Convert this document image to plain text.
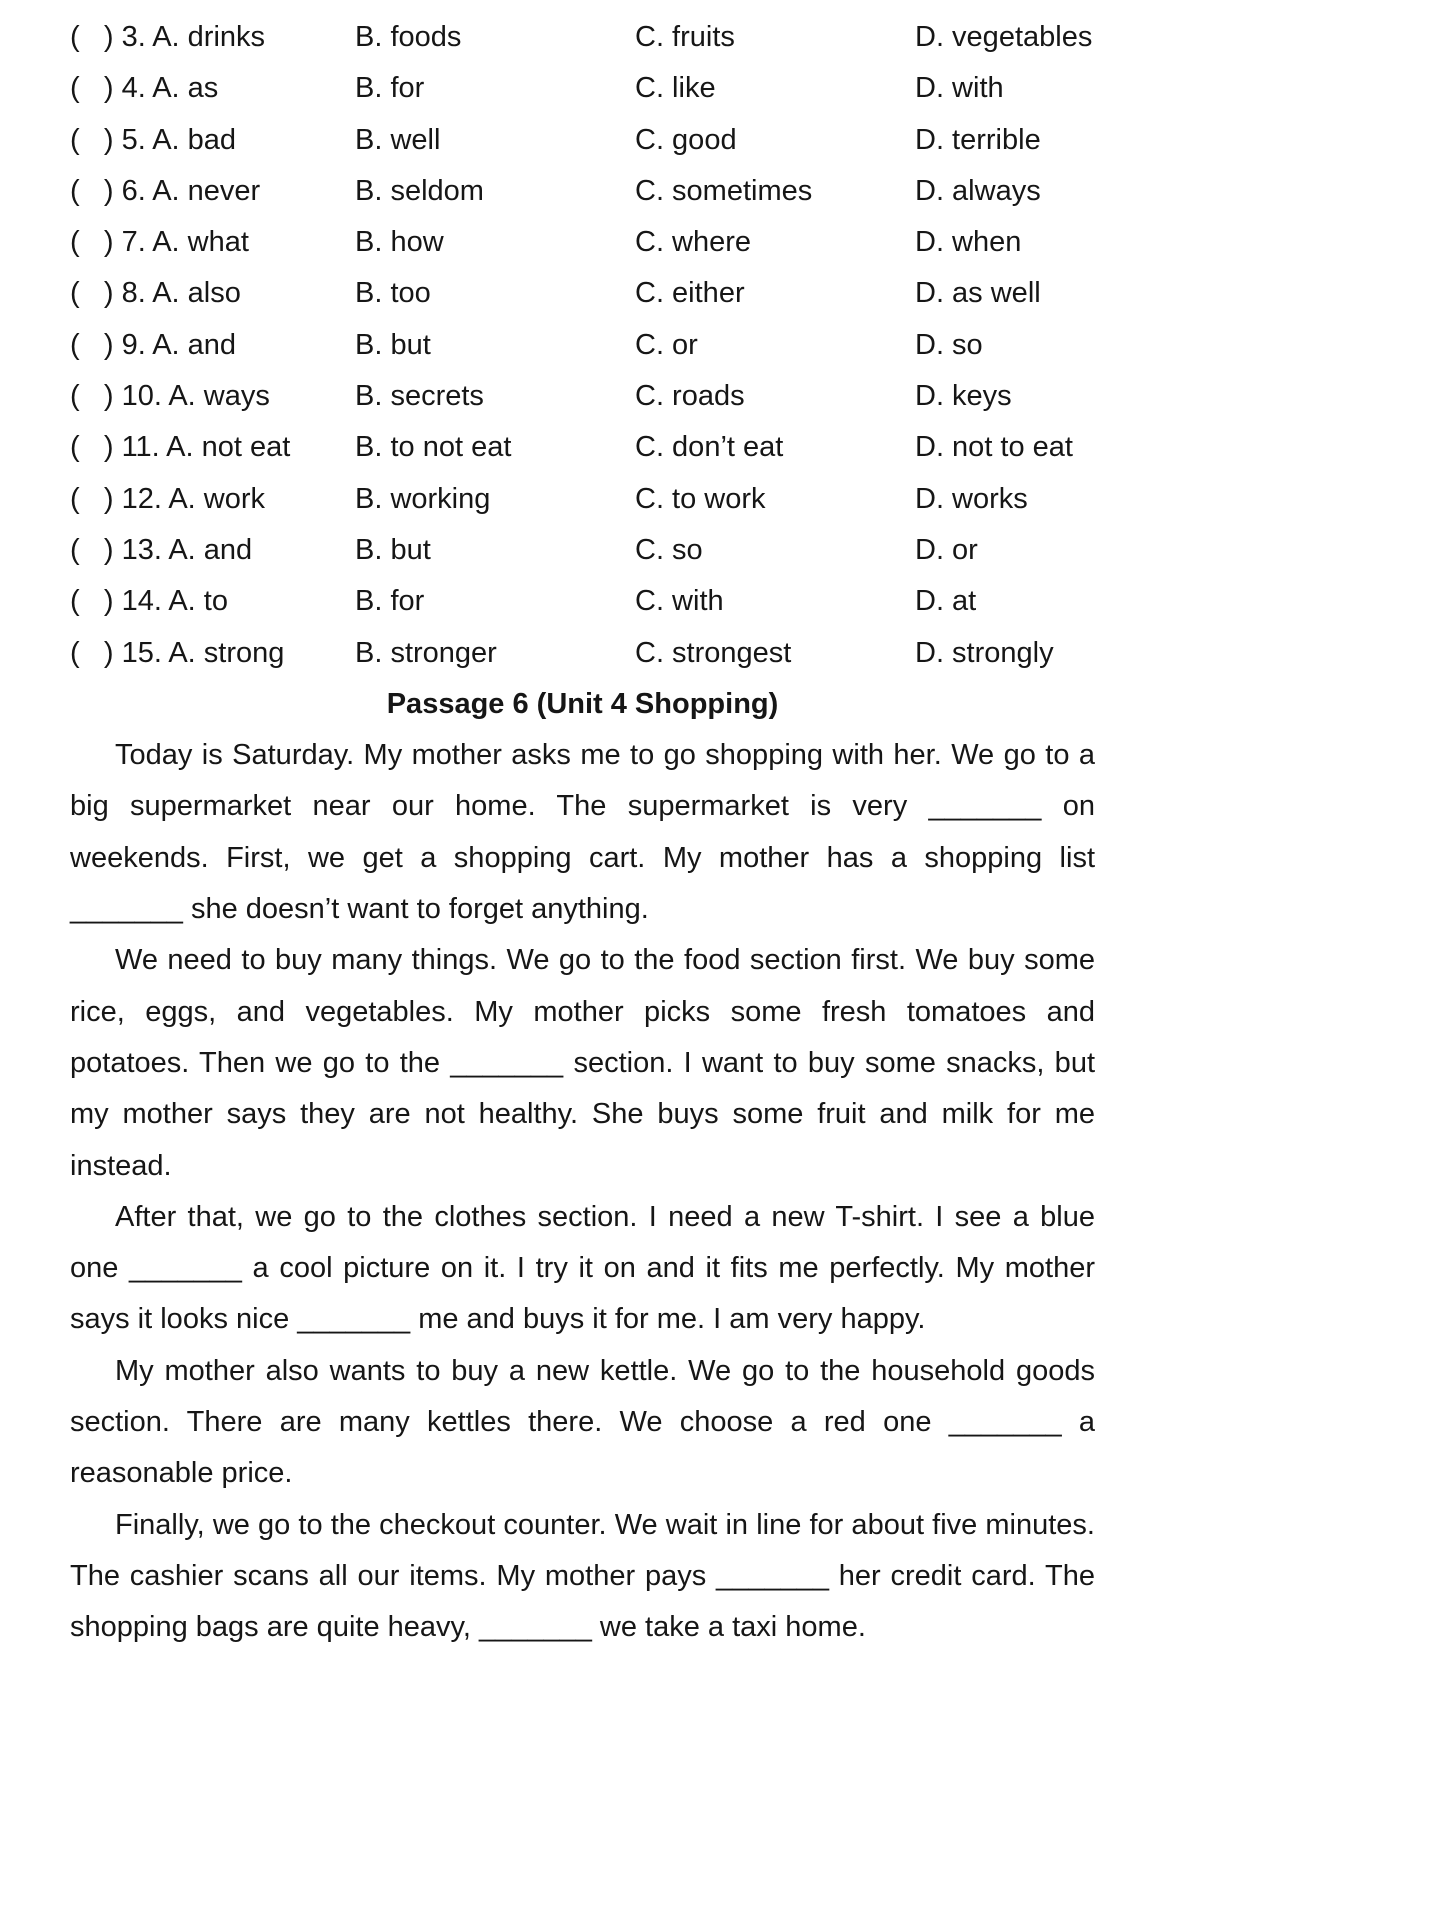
(   ) 3. A. drinks	B. foods	C. fruits	D. vegetables
(   ) 4. A. as	B. for	C. like	D. with
(   ) 5. A. bad	B. well	C. good	D. terrible
(   ) 6. A. never	B. seldom	C. sometimes	D. always
(   ) 7. A. what	B. how	C. where	D. when
(   ) 8. A. also	B. too	C. either	D. as well
(   ) 9. A. and	B. but	C. or	D. so
(   ) 10. A. ways	B. secrets	C. roads	D. keys
(   ) 11. A. not eat	B. to not eat	C. don’t eat	D. not to eat
(   ) 12. A. work	B. working	C. to work	D. works
(   ) 13. A. and	B. but	C. so	D. or
(   ) 14. A. to	B. for	C. with	D. at
(   ) 15. A. strong	B. stronger	C. strongest	D. strongly
Passage 6 (Unit 4 Shopping)

Today is Saturday. My mother asks me to go shopping with her. We go to a big supermarket near our home. The supermarket is very _______ on weekends. First, we get a shopping cart. My mother has a shopping list _______ she doesn’t want to forget anything.

We need to buy many things. We go to the food section first. We buy some rice, eggs, and vegetables. My mother picks some fresh tomatoes and potatoes. Then we go to the _______ section. I want to buy some snacks, but my mother says they are not healthy. She buys some fruit and milk for me instead.

After that, we go to the clothes section. I need a new T-shirt. I see a blue one _______ a cool picture on it. I try it on and it fits me perfectly. My mother says it looks nice _______ me and buys it for me. I am very happy.

My mother also wants to buy a new kettle. We go to the household goods section. There are many kettles there. We choose a red one _______ a reasonable price.

Finally, we go to the checkout counter. We wait in line for about five minutes. The cashier scans all our items. My mother pays _______ her credit card. The shopping bags are quite heavy, _______ we take a taxi home.
